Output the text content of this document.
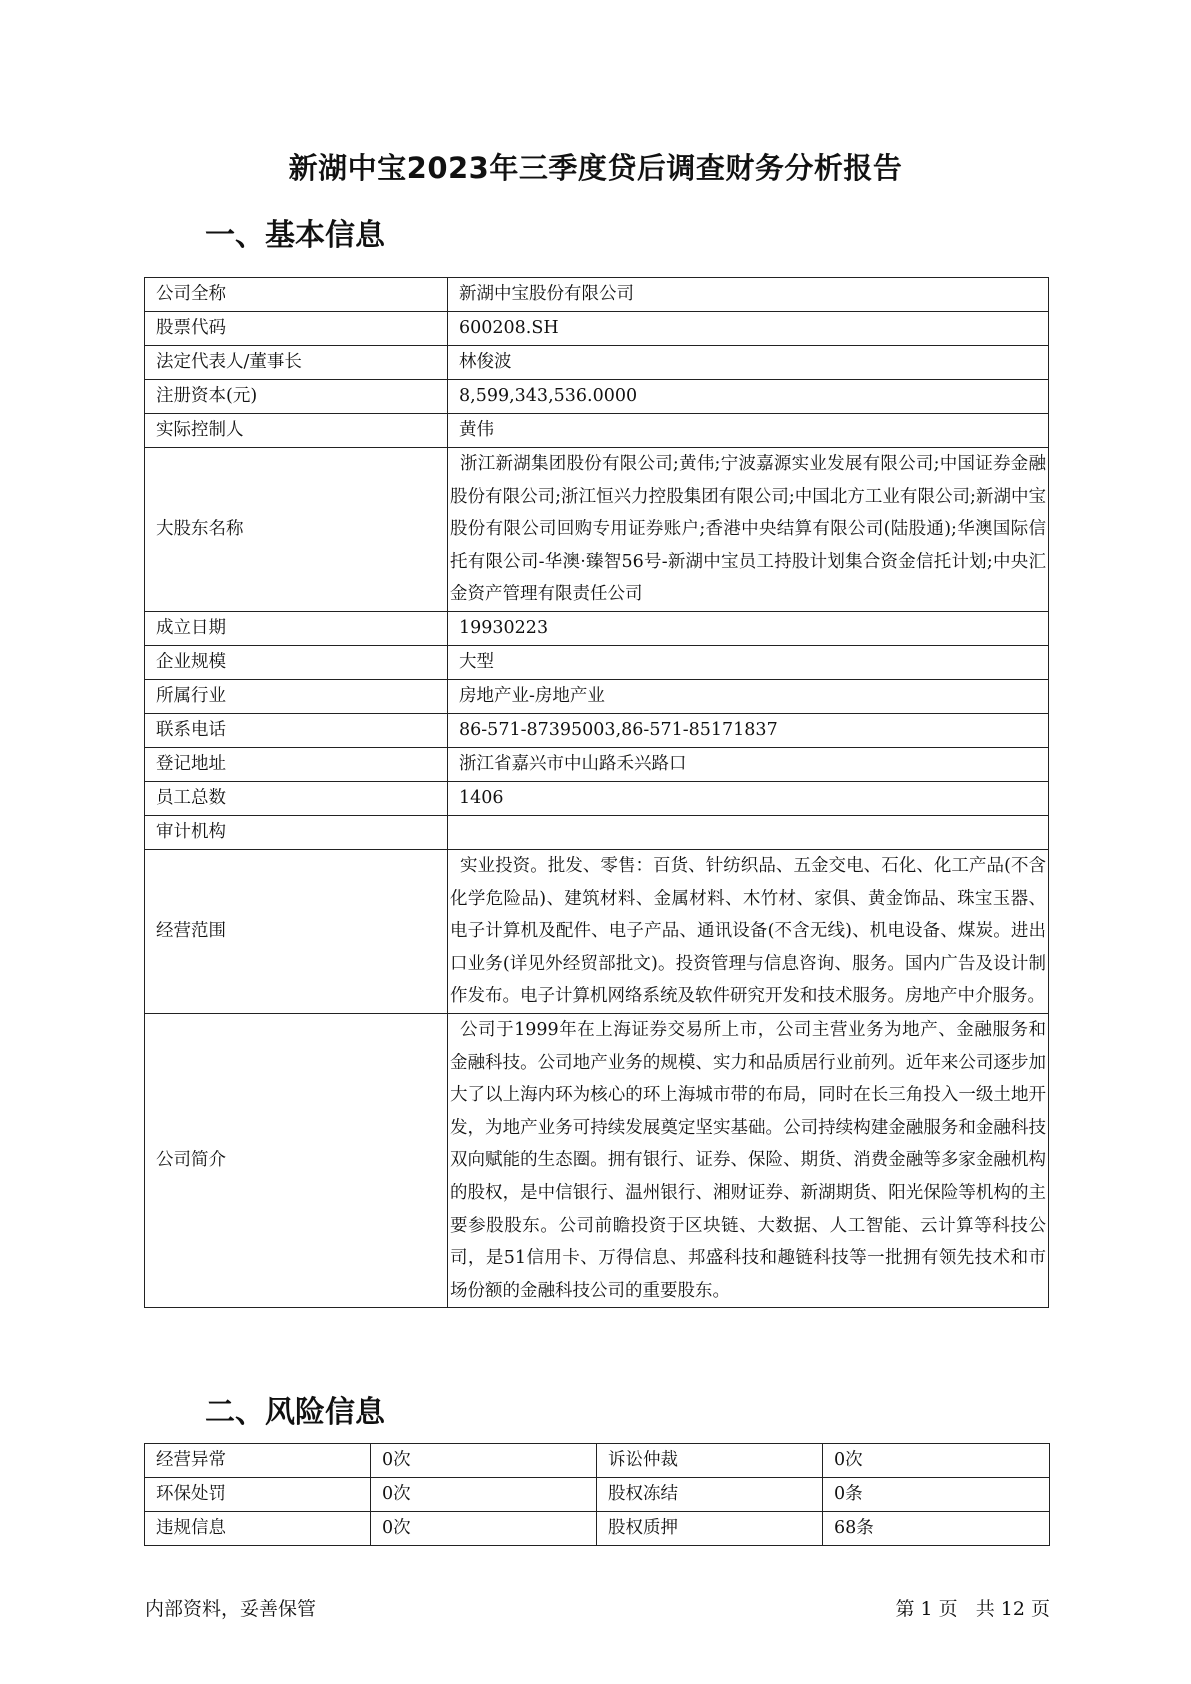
新湖中宝2023年三季度贷后调查财务分析报告
一、基本信息
公司全称	新湖中宝股份有限公司
股票代码	600208.SH
法定代表人/董事长	林俊波
注册资本(元)	8,599,343,536.0000
实际控制人	黄伟
大股东名称	浙江新湖集团股份有限公司;黄伟;宁波嘉源实业发展有限公司;中国证券金融股份有限公司;浙江恒兴力控股集团有限公司;中国北方工业有限公司;新湖中宝股份有限公司回购专用证券账户;香港中央结算有限公司(陆股通);华澳国际信托有限公司-华澳·臻智56号-新湖中宝员工持股计划集合资金信托计划;中央汇金资产管理有限责任公司
成立日期	19930223
企业规模	大型
所属行业	房地产业-房地产业
联系电话	86-571-87395003,86-571-85171837
登记地址	浙江省嘉兴市中山路禾兴路口
员工总数	1406
审计机构	
经营范围	实业投资。批发、零售：百货、针纺织品、五金交电、石化、化工产品(不含化学危险品)、建筑材料、金属材料、木竹材、家俱、黄金饰品、珠宝玉器、电子计算机及配件、电子产品、通讯设备(不含无线)、机电设备、煤炭。进出口业务(详见外经贸部批文)。投资管理与信息咨询、服务。国内广告及设计制作发布。电子计算机网络系统及软件研究开发和技术服务。房地产中介服务。
公司简介	公司于1999年在上海证券交易所上市，公司主营业务为地产、金融服务和金融科技。公司地产业务的规模、实力和品质居行业前列。近年来公司逐步加大了以上海内环为核心的环上海城市带的布局，同时在长三角投入一级土地开发，为地产业务可持续发展奠定坚实基础。公司持续构建金融服务和金融科技双向赋能的生态圈。拥有银行、证券、保险、期货、消费金融等多家金融机构的股权，是中信银行、温州银行、湘财证券、新湖期货、阳光保险等机构的主要参股股东。公司前瞻投资于区块链、大数据、人工智能、云计算等科技公司，是51信用卡、万得信息、邦盛科技和趣链科技等一批拥有领先技术和市场份额的金融科技公司的重要股东。
二、风险信息
经营异常	0次	诉讼仲裁	0次
环保处罚	0次	股权冻结	0条
违规信息	0次	股权质押	68条
内部资料，妥善保管	第 1 页   共 12 页
